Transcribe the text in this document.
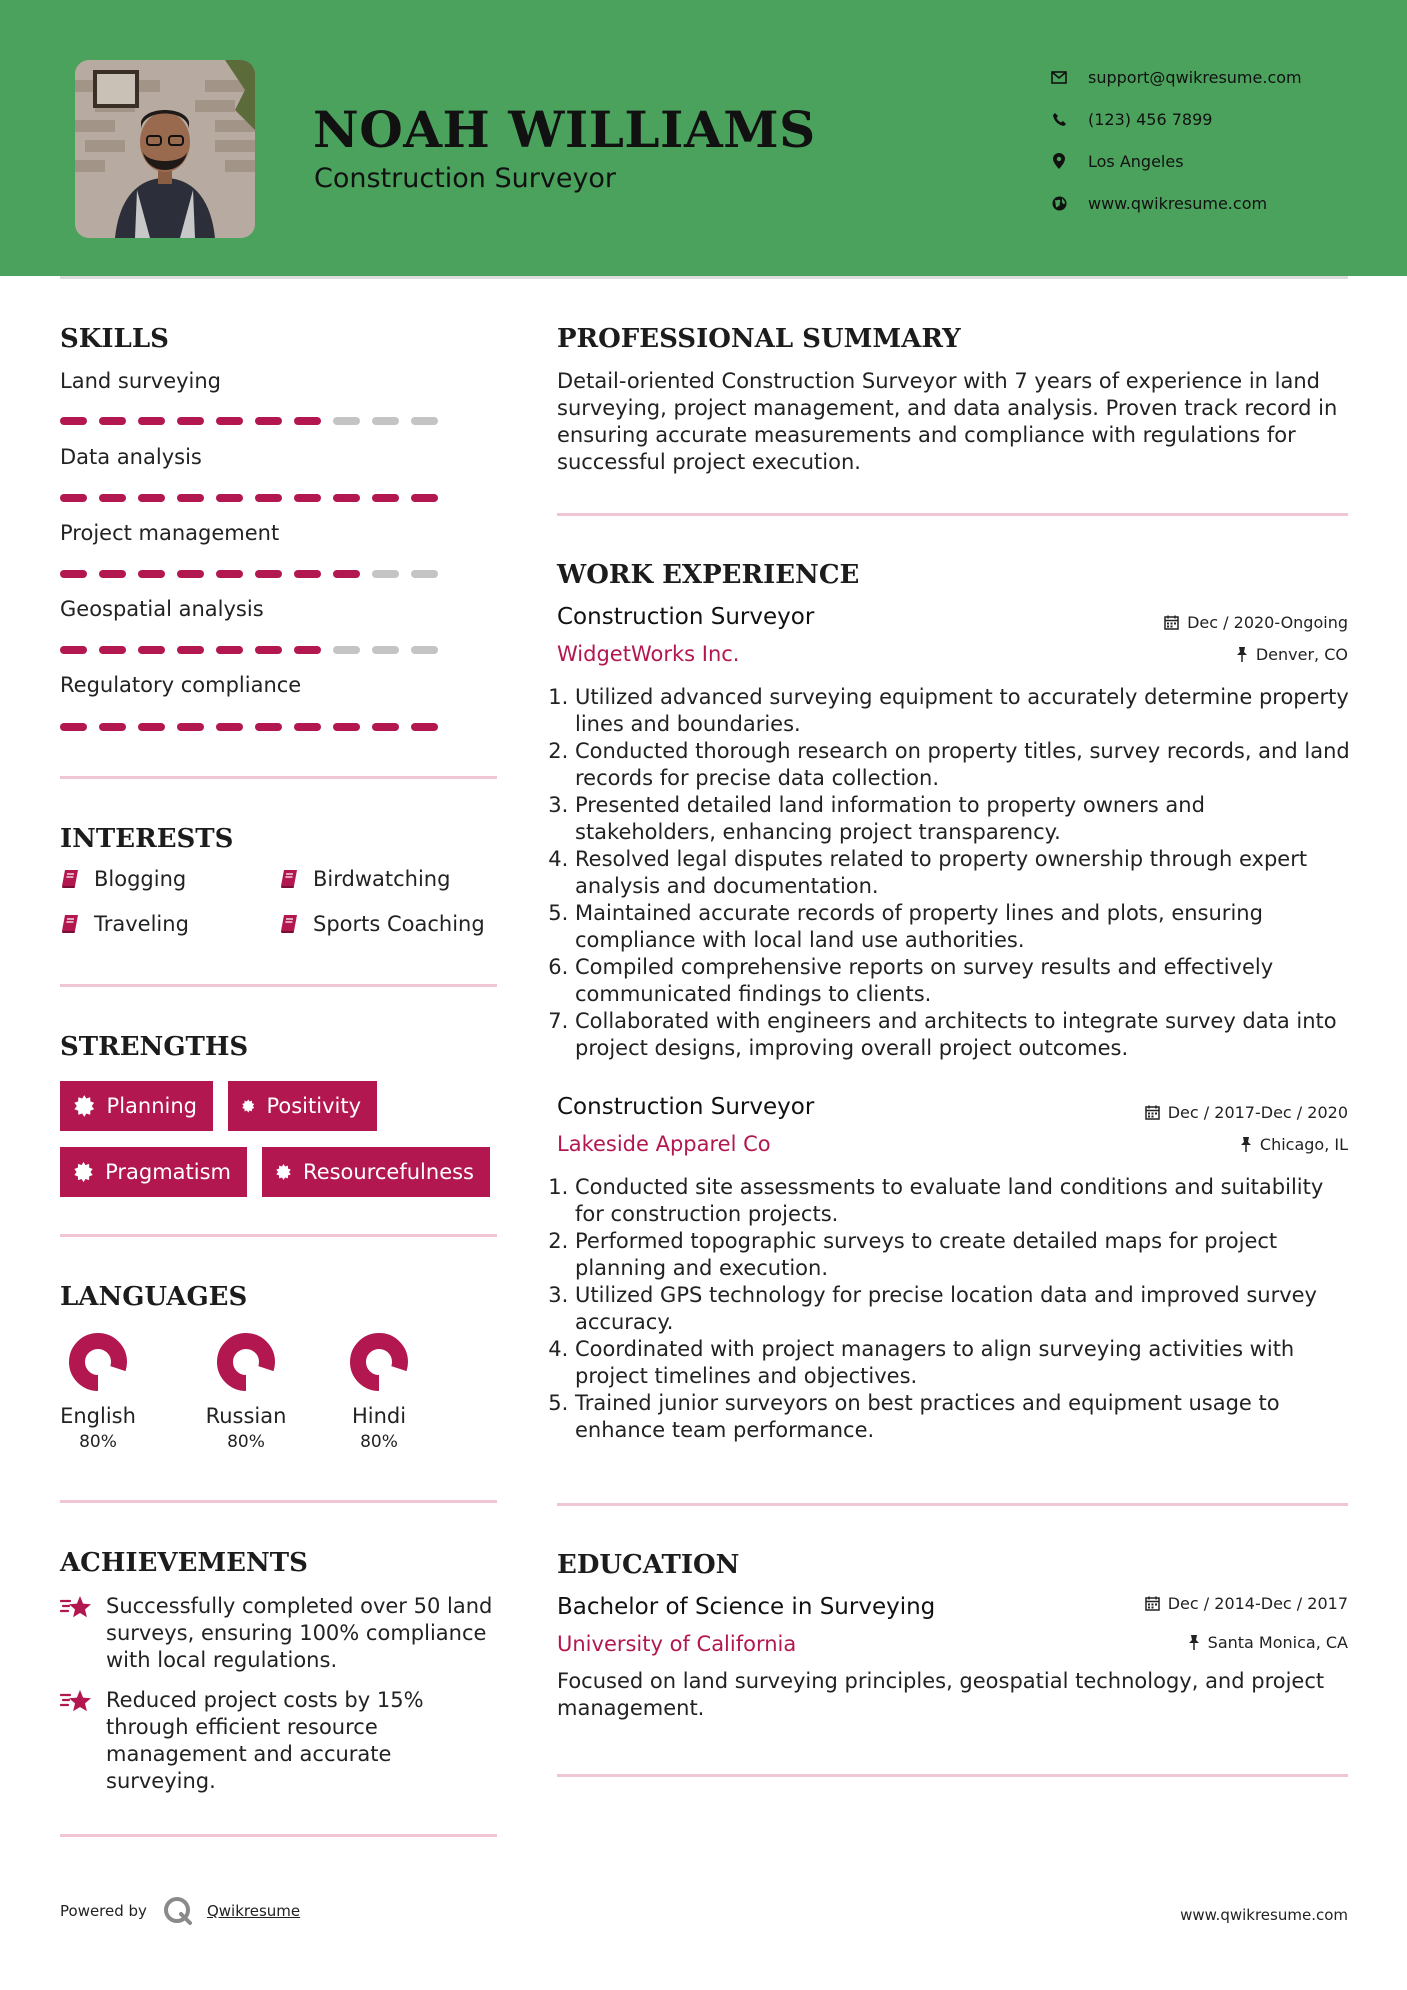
NOAH WILLIAMS
Construction Surveyor
support@qwikresume.com
(123) 456 7899
Los Angeles
www.qwikresume.com
SKILLS
Land surveying
Data analysis
Project management
Geospatial analysis
Regulatory compliance
INTERESTS
Blogging	Birdwatching
Traveling	Sports Coaching
STRENGTHS
Planning	Positivity
Pragmatism	Resourcefulness
LANGUAGES
English
80%
Russian
80%
Hindi
80%
ACHIEVEMENTS
Successfully completed over 50 land surveys, ensuring 100% compliance with local regulations.
Reduced project costs by 15% through efficient resource management and accurate surveying.
PROFESSIONAL SUMMARY
Detail-oriented Construction Surveyor with 7 years of experience in land surveying, project management, and data analysis. Proven track record in ensuring accurate measurements and compliance with regulations for successful project execution.
WORK EXPERIENCE
Construction Surveyor	Dec / 2020-Ongoing
WidgetWorks Inc.	Denver, CO
1. Utilized advanced surveying equipment to accurately determine property lines and boundaries.
2. Conducted thorough research on property titles, survey records, and land records for precise data collection.
3. Presented detailed land information to property owners and stakeholders, enhancing project transparency.
4. Resolved legal disputes related to property ownership through expert analysis and documentation.
5. Maintained accurate records of property lines and plots, ensuring compliance with local land use authorities.
6. Compiled comprehensive reports on survey results and effectively communicated findings to clients.
7. Collaborated with engineers and architects to integrate survey data into project designs, improving overall project outcomes.
Construction Surveyor	Dec / 2017-Dec / 2020
Lakeside Apparel Co	Chicago, IL
1. Conducted site assessments to evaluate land conditions and suitability for construction projects.
2. Performed topographic surveys to create detailed maps for project planning and execution.
3. Utilized GPS technology for precise location data and improved survey accuracy.
4. Coordinated with project managers to align surveying activities with project timelines and objectives.
5. Trained junior surveyors on best practices and equipment usage to enhance team performance.
EDUCATION
Bachelor of Science in Surveying	Dec / 2014-Dec / 2017
University of California	Santa Monica, CA
Focused on land surveying principles, geospatial technology, and project management.
Powered by	Qwikresume	www.qwikresume.com
